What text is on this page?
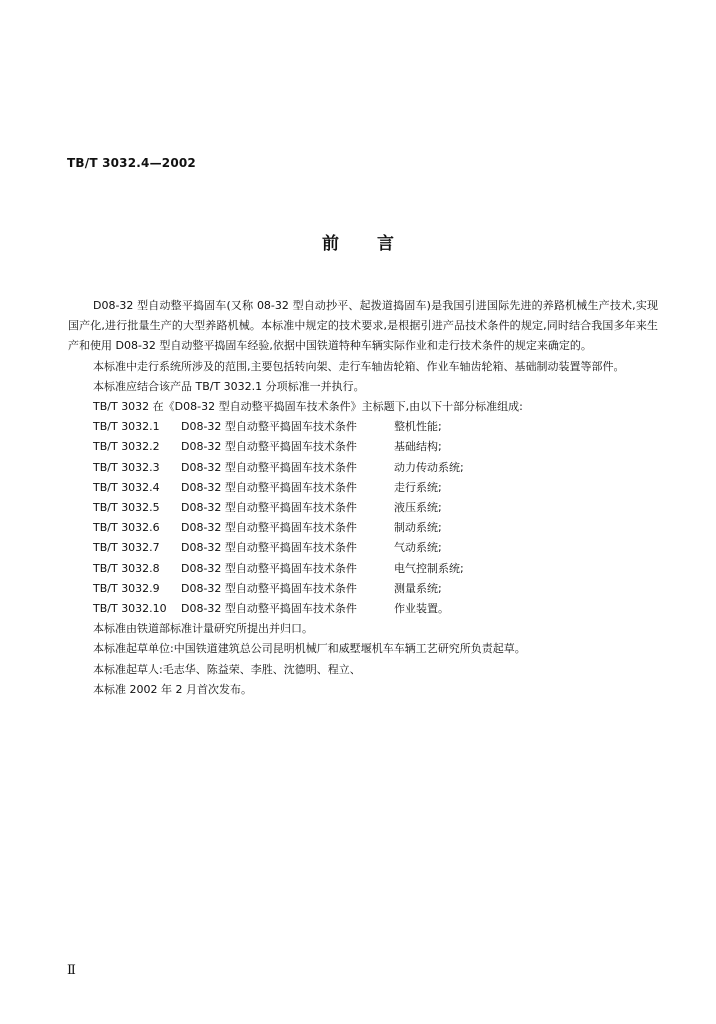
TB/T 3032.4—2002
前言

D08-32 型自动整平捣固车(又称 08-32 型自动抄平、起拨道捣固车)是我国引进国际先进的养路机械生产技术,实现国产化,进行批量生产的大型养路机械。本标准中规定的技术要求,是根据引进产品技术条件的规定,同时结合我国多年来生产和使用 D08-32 型自动整平捣固车经验,依据中国铁道特种车辆实际作业和走行技术条件的规定来确定的。

本标准中走行系统所涉及的范围,主要包括转向架、走行车轴齿轮箱、作业车轴齿轮箱、基础制动装置等部件。

本标准应结合该产品 TB/T 3032.1 分项标准一并执行。

TB/T 3032 在《D08-32 型自动整平捣固车技术条件》主标题下,由以下十部分标准组成:

TB/T 3032.1 D08-32 型自动整平捣固车技术条件	整机性能;
TB/T 3032.2 D08-32 型自动整平捣固车技术条件	基础结构;
TB/T 3032.3 D08-32 型自动整平捣固车技术条件	动力传动系统;
TB/T 3032.4 D08-32 型自动整平捣固车技术条件	走行系统;
TB/T 3032.5 D08-32 型自动整平捣固车技术条件	液压系统;
TB/T 3032.6 D08-32 型自动整平捣固车技术条件	制动系统;
TB/T 3032.7 D08-32 型自动整平捣固车技术条件	气动系统;
TB/T 3032.8 D08-32 型自动整平捣固车技术条件	电气控制系统;
TB/T 3032.9 D08-32 型自动整平捣固车技术条件	测量系统;
TB/T 3032.10 D08-32 型自动整平捣固车技术条件	作业装置。

本标准由铁道部标准计量研究所提出并归口。

本标准起草单位:中国铁道建筑总公司昆明机械厂和威墅堰机车车辆工艺研究所负责起草。

本标准起草人:毛志华、陈益荣、李胜、沈德明、程立、

本标准 2002 年 2 月首次发布。

Ⅱ
